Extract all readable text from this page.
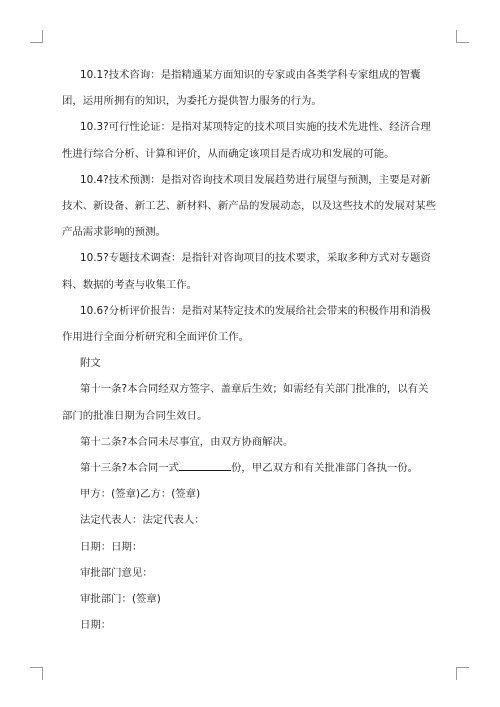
10.1?技术咨询：是指精通某方面知识的专家或由各类学科专家组成的智囊团，运用所拥有的知识，为委托方提供智力服务的行为。

10.3?可行性论证：是指对某项特定的技术项目实施的技术先进性、经济合理性进行综合分析、计算和评价，从而确定该项目是否成功和发展的可能。

10.4?技术预测：是指对咨询技术项目发展趋势进行展望与预测，主要是对新技术、新设备、新工艺、新材料、新产品的发展动态，以及这些技术的发展对某些产品需求影响的预测。

10.5?专题技术调查：是指针对咨询项目的技术要求，采取多种方式对专题资料、数据的考查与收集工作。

10.6?分析评价报告：是指对某特定技术的发展给社会带来的积极作用和消极作用进行全面分析研究和全面评价工作。

附文

第十一条?本合同经双方签字、盖章后生效；如需经有关部门批准的，以有关部门的批准日期为合同生效日。

第十二条?本合同未尽事宜，由双方协商解决。

第十三条?本合同一式	份，甲乙双方和有关批准部门各执一份。

甲方：(签章)乙方：(签章)

法定代表人：法定代表人：

日期：日期：

审批部门意见：

审批部门：(签章)

日期：
